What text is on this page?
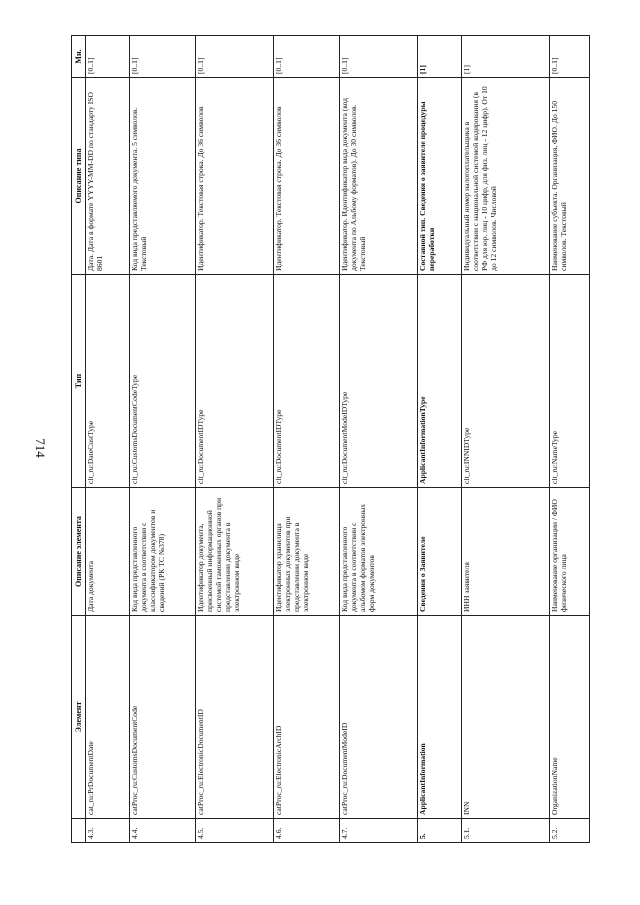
714
	Элемент	Описание элемента	Тип	Описание типа	Мн.
4.3.	cat_ru:PrDocumentDate	Дата документа	clt_ru:DateCustType	Дата. Дата в формате YYYY-MM-DD по стандарту ISO 8601	[0..1]
4.4.	catProc_ru:CustomsDocumentCode	Код вида представленного документа в соответствии с классификатором документов и сведений (РК ТС №378)	clt_ru:CustomsDocumentCodeType	Код вида представляемого документа. 5 символов. Текстовый	[0..1]
4.5.	catProc_ru:ElectronicDocumentID	Идентификатор документа, присвоенный информационной системой таможенных органов при представлении документа в электронном виде	clt_ru:DocumentIDType	Идентификатор. Текстовая строка. До 36 символов	[0..1]
4.6.	catProc_ru:ElectronicArchID	Идентификатор хранилища электронных документов при представлении документа в электронном виде	clt_ru:DocumentIDType	Идентификатор. Текстовая строка. До 36 символов	[0..1]
4.7.	catProc_ru:DocumentModeID	Код вида представленного документа в соответствии с альбомом форматов электронных форм документов	clt_ru:DocumentModeIDType	Идентификатор. Идентификатор вида документа (код документа по Альбому форматов). До 30 символов. Текстовый	[0..1]
5.	ApplicantInformation	Сведения о Заявителе	ApplicantInformationType	Составной тип. Сведения о заявителе процедуры переработки	[1]
5.1.	INN	ИНН заявителя	clt_ru:INNIDType	Индивидуальный номер налогоплательщика в соответствии с национальной системой кодирования (в РФ для юр. лиц - 10 цифр, для физ. лиц - 12 цифр). От 10 до 12 символов. Числовой	[1]
5.2.	OrganizationName	Наименование организации / ФИО физического лица	clt_ru:NameType	Наименование субъекта. Организация, ФИО. До 150 символов. Текстовый	[0..1]
